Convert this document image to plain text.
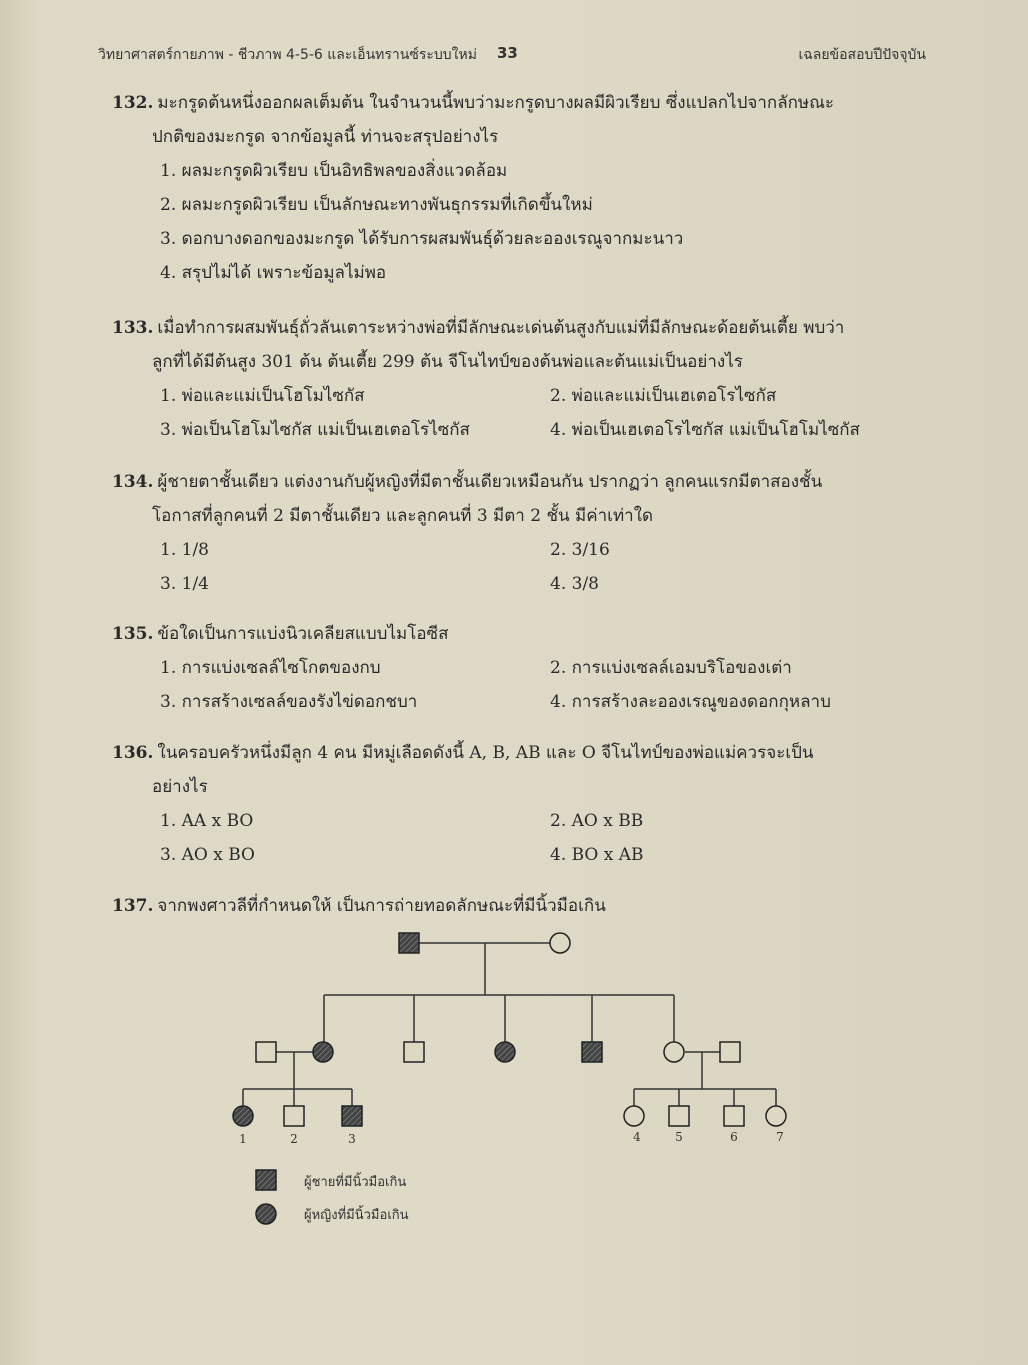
วิทยาศาสตร์กายภาพ - ชีวภาพ 4-5-6 และเอ็นทรานซ์ระบบใหม่ 33	เฉลยข้อสอบปีปัจจุบัน
132. มะกรูดต้นหนึ่งออกผลเต็มต้น ในจำนวนนี้พบว่ามะกรูดบางผลมีผิวเรียบ ซึ่งแปลกไปจากลักษณะ
ปกติของมะกรูด จากข้อมูลนี้ ท่านจะสรุปอย่างไร
1. ผลมะกรูดผิวเรียบ เป็นอิทธิพลของสิ่งแวดล้อม
2. ผลมะกรูดผิวเรียบ เป็นลักษณะทางพันธุกรรมที่เกิดขึ้นใหม่
3. ดอกบางดอกของมะกรูด ได้รับการผสมพันธุ์ด้วยละอองเรณูจากมะนาว
4. สรุปไม่ได้ เพราะข้อมูลไม่พอ
133. เมื่อทำการผสมพันธุ์ถั่วลันเตาระหว่างพ่อที่มีลักษณะเด่นต้นสูงกับแม่ที่มีลักษณะด้อยต้นเตี้ย พบว่า
ลูกที่ได้มีต้นสูง 301 ต้น ต้นเตี้ย 299 ต้น จีโนไทป์ของต้นพ่อและต้นแม่เป็นอย่างไร
1. พ่อและแม่เป็นโฮโมไซกัส	2. พ่อและแม่เป็นเฮเตอโรไซกัส
3. พ่อเป็นโฮโมไซกัส แม่เป็นเฮเตอโรไซกัส	4. พ่อเป็นเฮเตอโรไซกัส แม่เป็นโฮโมไซกัส
134. ผู้ชายตาชั้นเดียว แต่งงานกับผู้หญิงที่มีตาชั้นเดียวเหมือนกัน ปรากฏว่า ลูกคนแรกมีตาสองชั้น
โอกาสที่ลูกคนที่ 2 มีตาชั้นเดียว และลูกคนที่ 3 มีตา 2 ชั้น มีค่าเท่าใด
1. 1/8	2. 3/16
3. 1/4	4. 3/8
135. ข้อใดเป็นการแบ่งนิวเคลียสแบบไมโอซีส
1. การแบ่งเซลล์ไซโกตของกบ	2. การแบ่งเซลล์เอมบริโอของเต่า
3. การสร้างเซลล์ของรังไข่ดอกชบา	4. การสร้างละอองเรณูของดอกกุหลาบ
136. ในครอบครัวหนึ่งมีลูก 4 คน มีหมู่เลือดดังนี้ A, B, AB และ O จีโนไทป์ของพ่อแม่ควรจะเป็น
อย่างไร
1. AA x BO	2. AO x BB
3. AO x BO	4. BO x AB
137. จากพงศาวลีที่กำหนดให้ เป็นการถ่ายทอดลักษณะที่มีนิ้วมือเกิน
1	2	3	4	5	6	7
ผู้ชายที่มีนิ้วมือเกิน
ผู้หญิงที่มีนิ้วมือเกิน
